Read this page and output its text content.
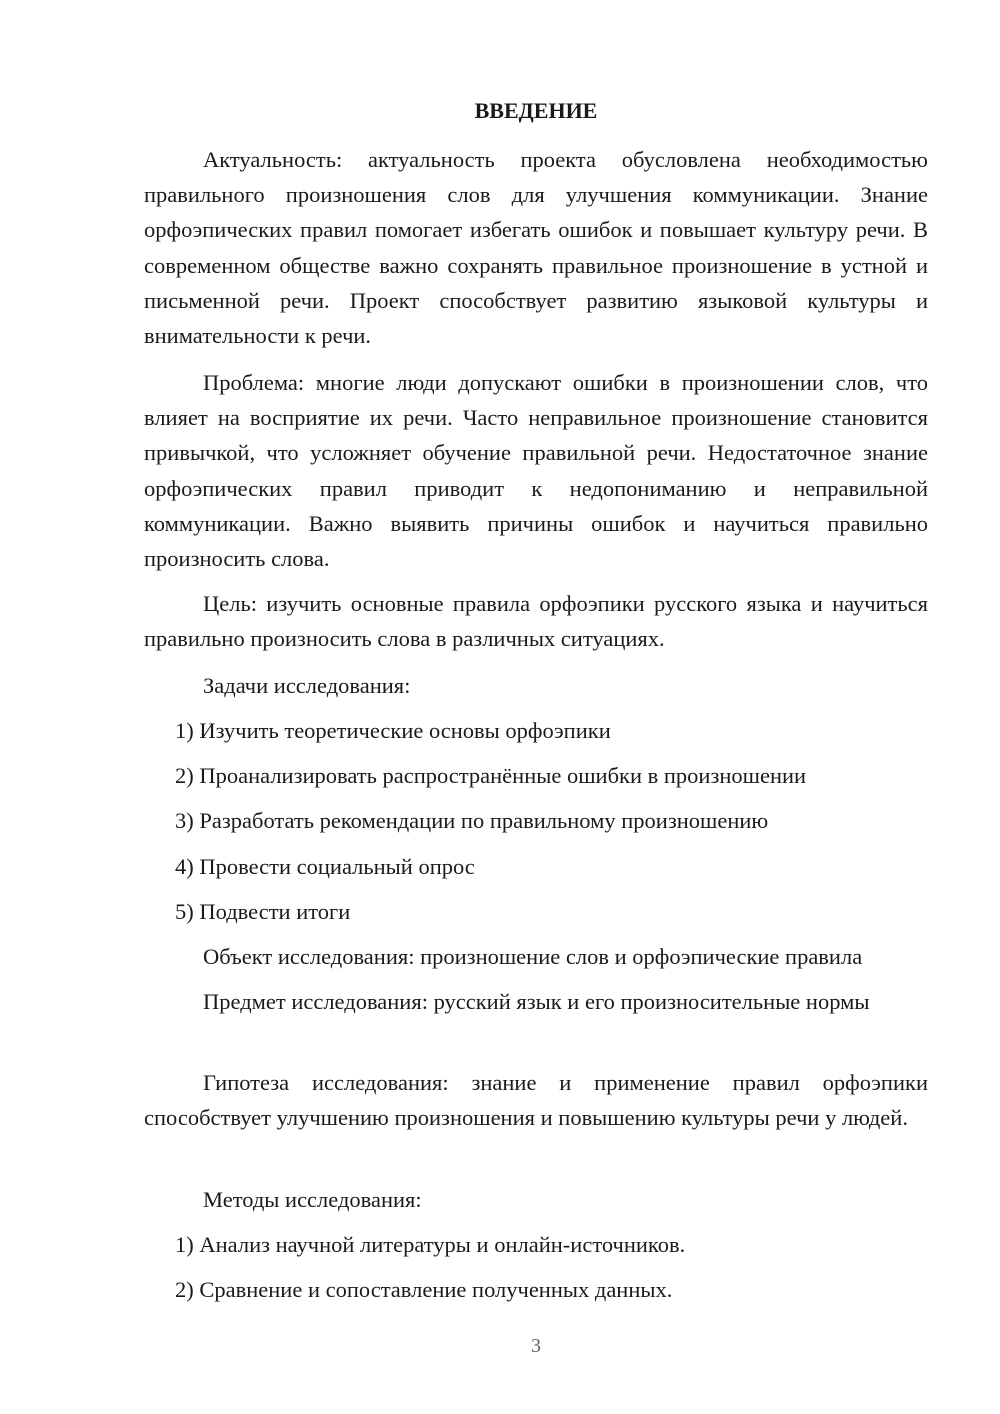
ВВЕДЕНИЕ

Актуальность: актуальность проекта обусловлена необходимостью правильного произношения слов для улучшения коммуникации. Знание орфоэпических правил помогает избегать ошибок и повышает культуру речи. В современном обществе важно сохранять правильное произношение в устной и письменной речи. Проект способствует развитию языковой культуры и внимательности к речи.

Проблема: многие люди допускают ошибки в произношении слов, что влияет на восприятие их речи. Часто неправильное произношение становится привычкой, что усложняет обучение правильной речи. Недостаточное знание орфоэпических правил приводит к недопониманию и неправильной коммуникации. Важно выявить причины ошибок и научиться правильно произносить слова.

Цель: изучить основные правила орфоэпики русского языка и научиться правильно произносить слова в различных ситуациях.

Задачи исследования:

1) Изучить теоретические основы орфоэпики

2) Проанализировать распространённые ошибки в произношении

3) Разработать рекомендации по правильному произношению

4) Провести социальный опрос

5) Подвести итоги

Объект исследования: произношение слов и орфоэпические правила

Предмет исследования: русский язык и его произносительные нормы

Гипотеза исследования: знание и применение правил орфоэпики способствует улучшению произношения и повышению культуры речи у людей.

Методы исследования:

1) Анализ научной литературы и онлайн-источников.

2) Сравнение и сопоставление полученных данных.

3
